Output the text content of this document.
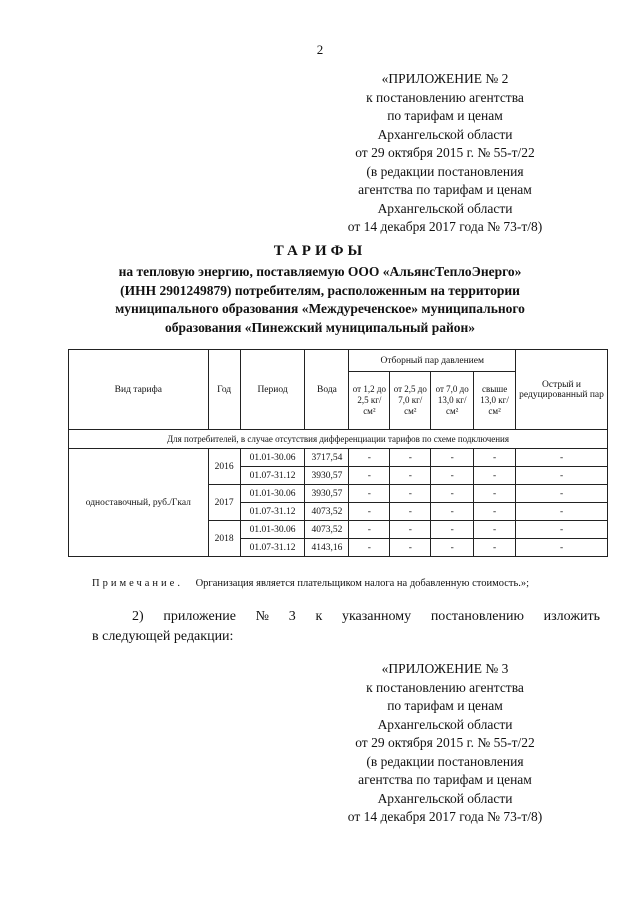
2
«ПРИЛОЖЕНИЕ № 2
к постановлению агентства
по тарифам и ценам
Архангельской области
от 29 октября 2015 г. № 55-т/22
(в редакции постановления
агентства по тарифам и ценам
Архангельской области
от 14 декабря 2017 года № 73-т/8)
ТАРИФЫ
на тепловую энергию, поставляемую ООО «АльянсТеплоЭнерго»
(ИНН 2901249879) потребителям, расположенным на территории
муниципального образования «Междуреченское» муниципального
образования «Пинежский муниципальный район»
Вид тарифа	Год	Период	Вода	Отборный пар давлением				Острый и редуцированный пар
				от 1,2 до 2,5 кг/см²	от 2,5 до 7,0 кг/см²	от 7,0 до 13,0 кг/см²	свыше 13,0 кг/см²	
Для потребителей, в случае отсутствия дифференциации тарифов по схеме подключения								
одноставочный, руб./Гкал	2016	01.01-30.06	3717,54	-	-	-	-	-
		01.07-31.12	3930,57	-	-	-	-	-
	2017	01.01-30.06	3930,57	-	-	-	-	-
		01.07-31.12	4073,52	-	-	-	-	-
	2018	01.01-30.06	4073,52	-	-	-	-	-
		01.07-31.12	4143,16	-	-	-	-	-
Примечание. Организация является плательщиком налога на добавленную стоимость.»;
2) приложение № 3 к указанному постановлению изложить
в следующей редакции:
«ПРИЛОЖЕНИЕ № 3
к постановлению агентства
по тарифам и ценам
Архангельской области
от 29 октября 2015 г. № 55-т/22
(в редакции постановления
агентства по тарифам и ценам
Архангельской области
от 14 декабря 2017 года № 73-т/8)
